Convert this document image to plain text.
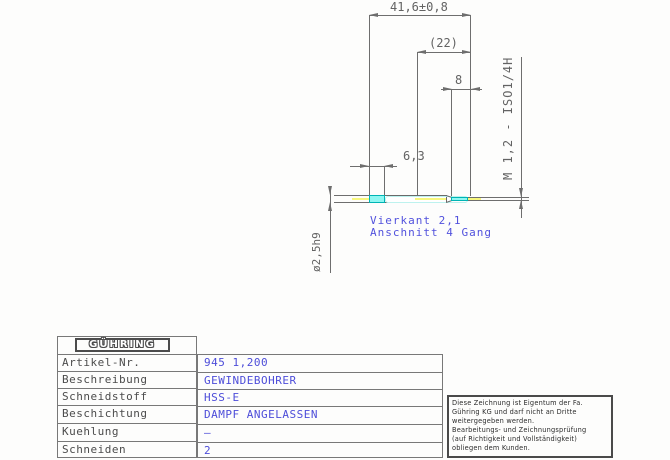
41,6±0,8
(22)
8
6,3
ø2,5h9
M 1,2 - ISO1/4H
Vierkant 2,1
Anschnitt 4 Gang
GÜHRING
Artikel-Nr.
Beschreibung
Schneidstoff
Beschichtung
Kuehlung
Schneiden
945 1,200
GEWINDEBOHRER
HSS-E
DAMPF ANGELASSEN
–
2
Diese Zeichnung ist Eigentum der Fa.
Gühring KG und darf nicht an Dritte
weitergegeben werden.
Bearbeitungs- und Zeichnungsprüfung
(auf Richtigkeit und Vollständigkeit)
obliegen dem Kunden.
